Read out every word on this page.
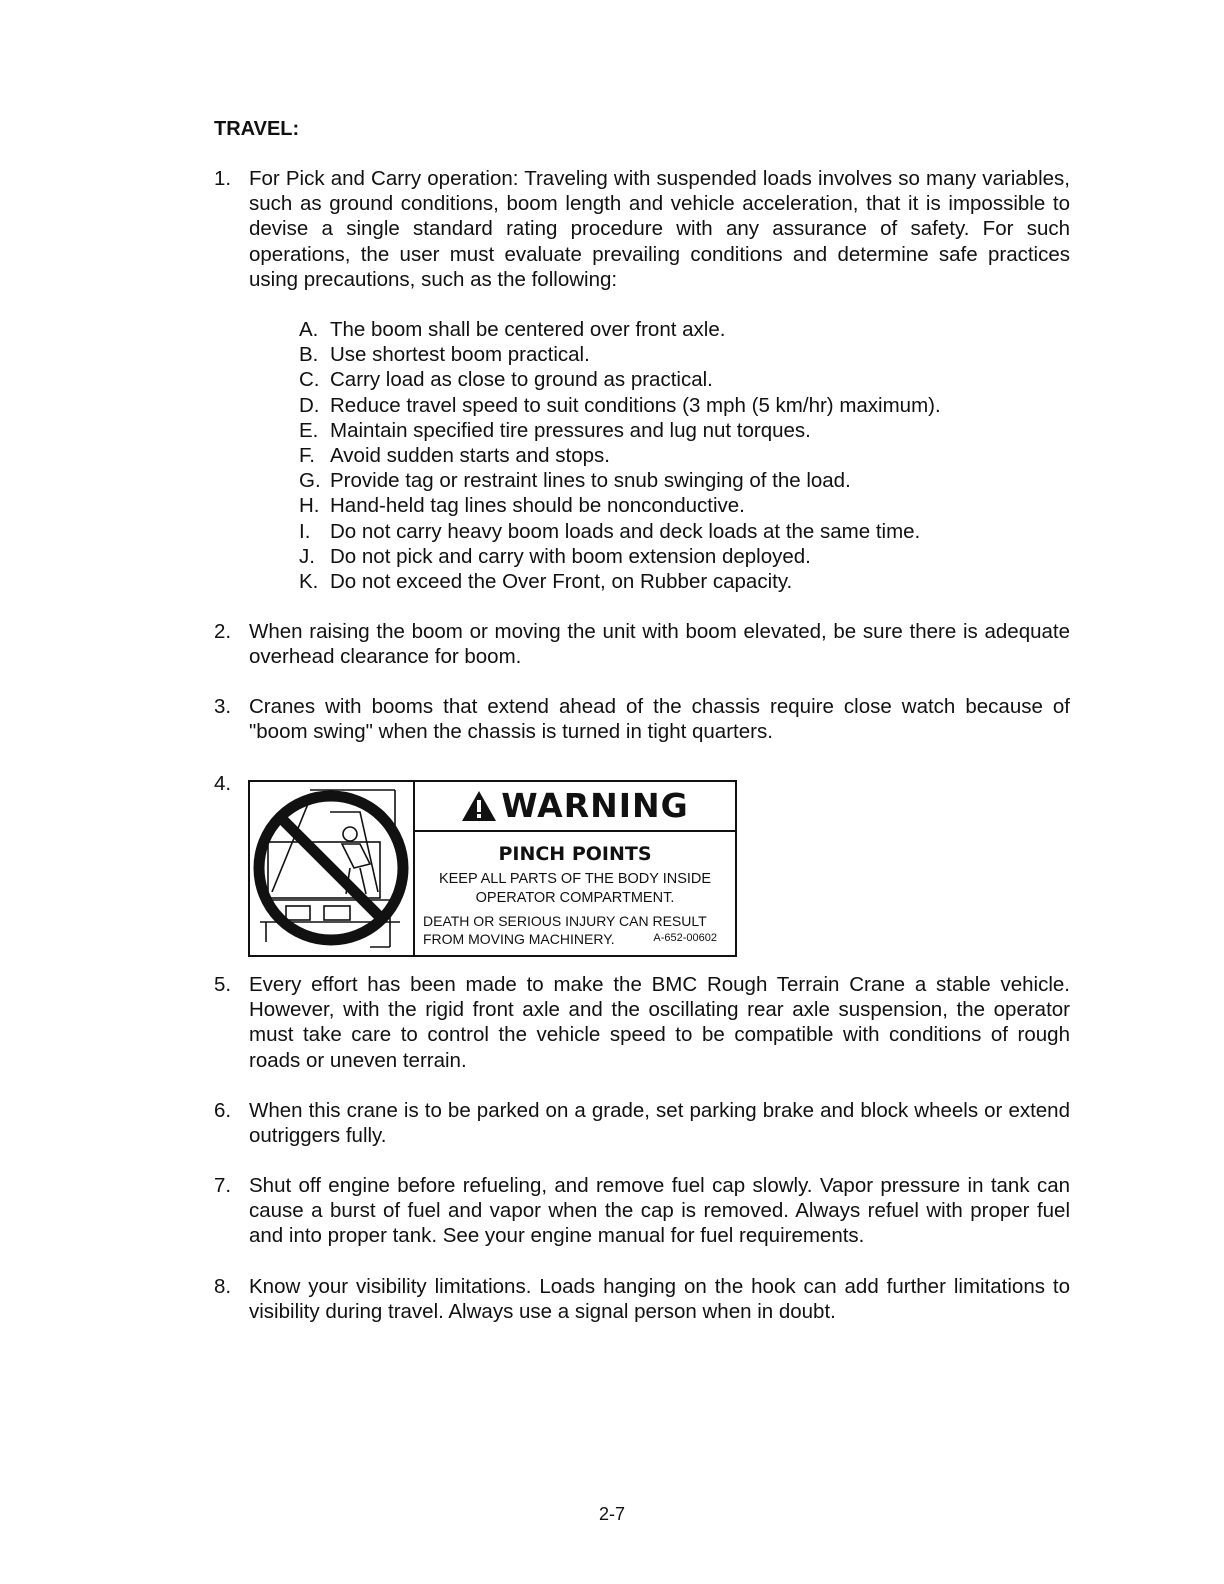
TRAVEL:
1. For Pick and Carry operation: Traveling with suspended loads involves so many variables, such as ground conditions, boom length and vehicle acceleration, that it is impossible to devise a single standard rating procedure with any assurance of safety. For such operations, the user must evaluate prevailing conditions and determine safe practices using precautions, such as the following:
A. The boom shall be centered over front axle.
B. Use shortest boom practical.
C. Carry load as close to ground as practical.
D. Reduce travel speed to suit conditions (3 mph (5 km/hr) maximum).
E. Maintain specified tire pressures and lug nut torques.
F. Avoid sudden starts and stops.
G. Provide tag or restraint lines to snub swinging of the load.
H. Hand-held tag lines should be nonconductive.
I. Do not carry heavy boom loads and deck loads at the same time.
J. Do not pick and carry with boom extension deployed.
K. Do not exceed the Over Front, on Rubber capacity.
2. When raising the boom or moving the unit with boom elevated, be sure there is adequate overhead clearance for boom.
3. Cranes with booms that extend ahead of the chassis require close watch because of "boom swing" when the chassis is turned in tight quarters.
4.
WARNING
PINCH POINTS
KEEP ALL PARTS OF THE BODY INSIDE
OPERATOR COMPARTMENT.
DEATH OR SERIOUS INJURY CAN RESULT
FROM MOVING MACHINERY.	A-652-00602
5. Every effort has been made to make the BMC Rough Terrain Crane a stable vehicle. However, with the rigid front axle and the oscillating rear axle suspension, the operator must take care to control the vehicle speed to be compatible with conditions of rough roads or uneven terrain.
6. When this crane is to be parked on a grade, set parking brake and block wheels or extend outriggers fully.
7. Shut off engine before refueling, and remove fuel cap slowly. Vapor pressure in tank can cause a burst of fuel and vapor when the cap is removed. Always refuel with proper fuel and into proper tank. See your engine manual for fuel requirements.
8. Know your visibility limitations. Loads hanging on the hook can add further limitations to visibility during travel. Always use a signal person when in doubt.
2-7
